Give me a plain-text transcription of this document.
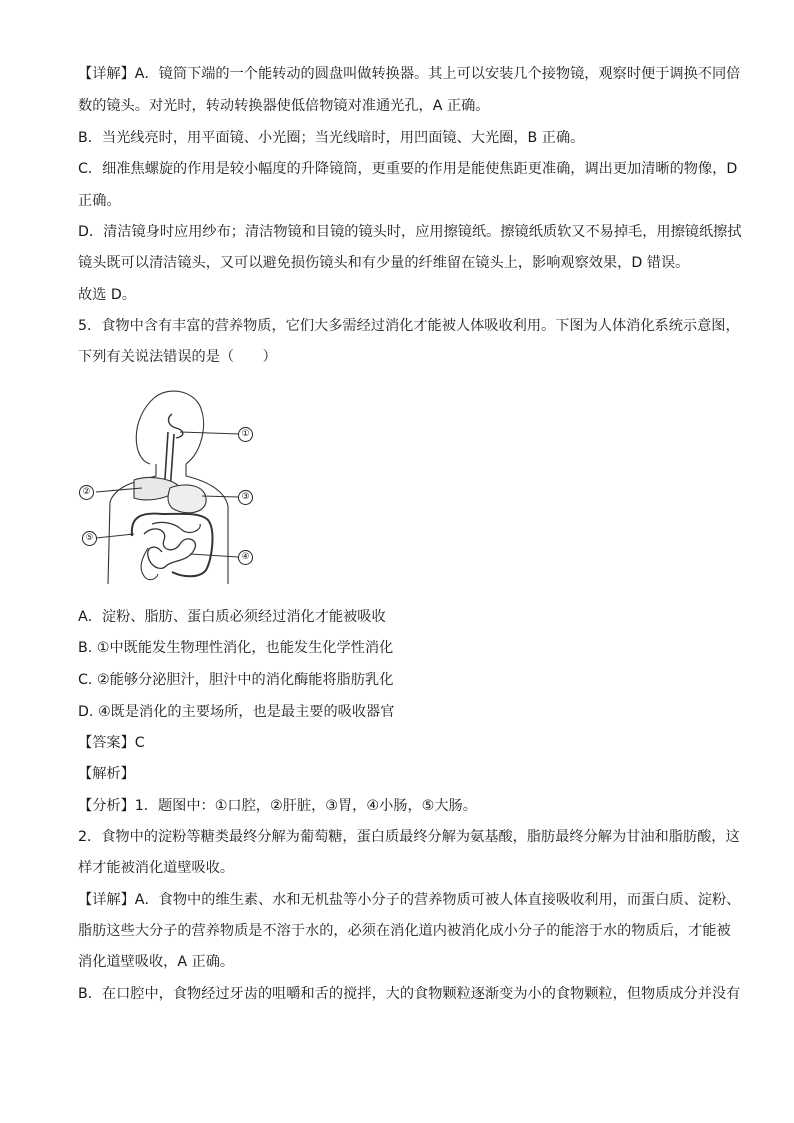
【详解】A．镜筒下端的一个能转动的圆盘叫做转换器。其上可以安装几个接物镜，观察时便于调换不同倍
数的镜头。对光时，转动转换器使低倍物镜对准通光孔，A 正确。
B．当光线亮时，用平面镜、小光圈；当光线暗时，用凹面镜、大光圈，B 正确。
C．细准焦螺旋的作用是较小幅度的升降镜筒，更重要的作用是能使焦距更准确，调出更加清晰的物像，D
正确。
D．清洁镜身时应用纱布；清洁物镜和目镜的镜头时，应用擦镜纸。擦镜纸质软又不易掉毛，用擦镜纸擦拭
镜头既可以清洁镜头，又可以避免损伤镜头和有少量的纤维留在镜头上，影响观察效果，D 错误。
故选 D。
5．食物中含有丰富的营养物质，它们大多需经过消化才能被人体吸收利用。下图为人体消化系统示意图，
下列有关说法错误的是（　　）
①
②	③
④
⑤
A．淀粉、脂肪、蛋白质必须经过消化才能被吸收
B. ①中既能发生物理性消化，也能发生化学性消化
C. ②能够分泌胆汁，胆汁中的消化酶能将脂肪乳化
D. ④既是消化的主要场所，也是最主要的吸收器官
【答案】C
【解析】
【分析】1．题图中：①口腔，②肝脏，③胃，④小肠，⑤大肠。
2．食物中的淀粉等糖类最终分解为葡萄糖，蛋白质最终分解为氨基酸，脂肪最终分解为甘油和脂肪酸，这
样才能被消化道壁吸收。
【详解】A．食物中的维生素、水和无机盐等小分子的营养物质可被人体直接吸收利用，而蛋白质、淀粉、
脂肪这些大分子的营养物质是不溶于水的，必须在消化道内被消化成小分子的能溶于水的物质后，才能被
消化道壁吸收，A 正确。
B．在口腔中，食物经过牙齿的咀嚼和舌的搅拌，大的食物颗粒逐渐变为小的食物颗粒，但物质成分并没有
